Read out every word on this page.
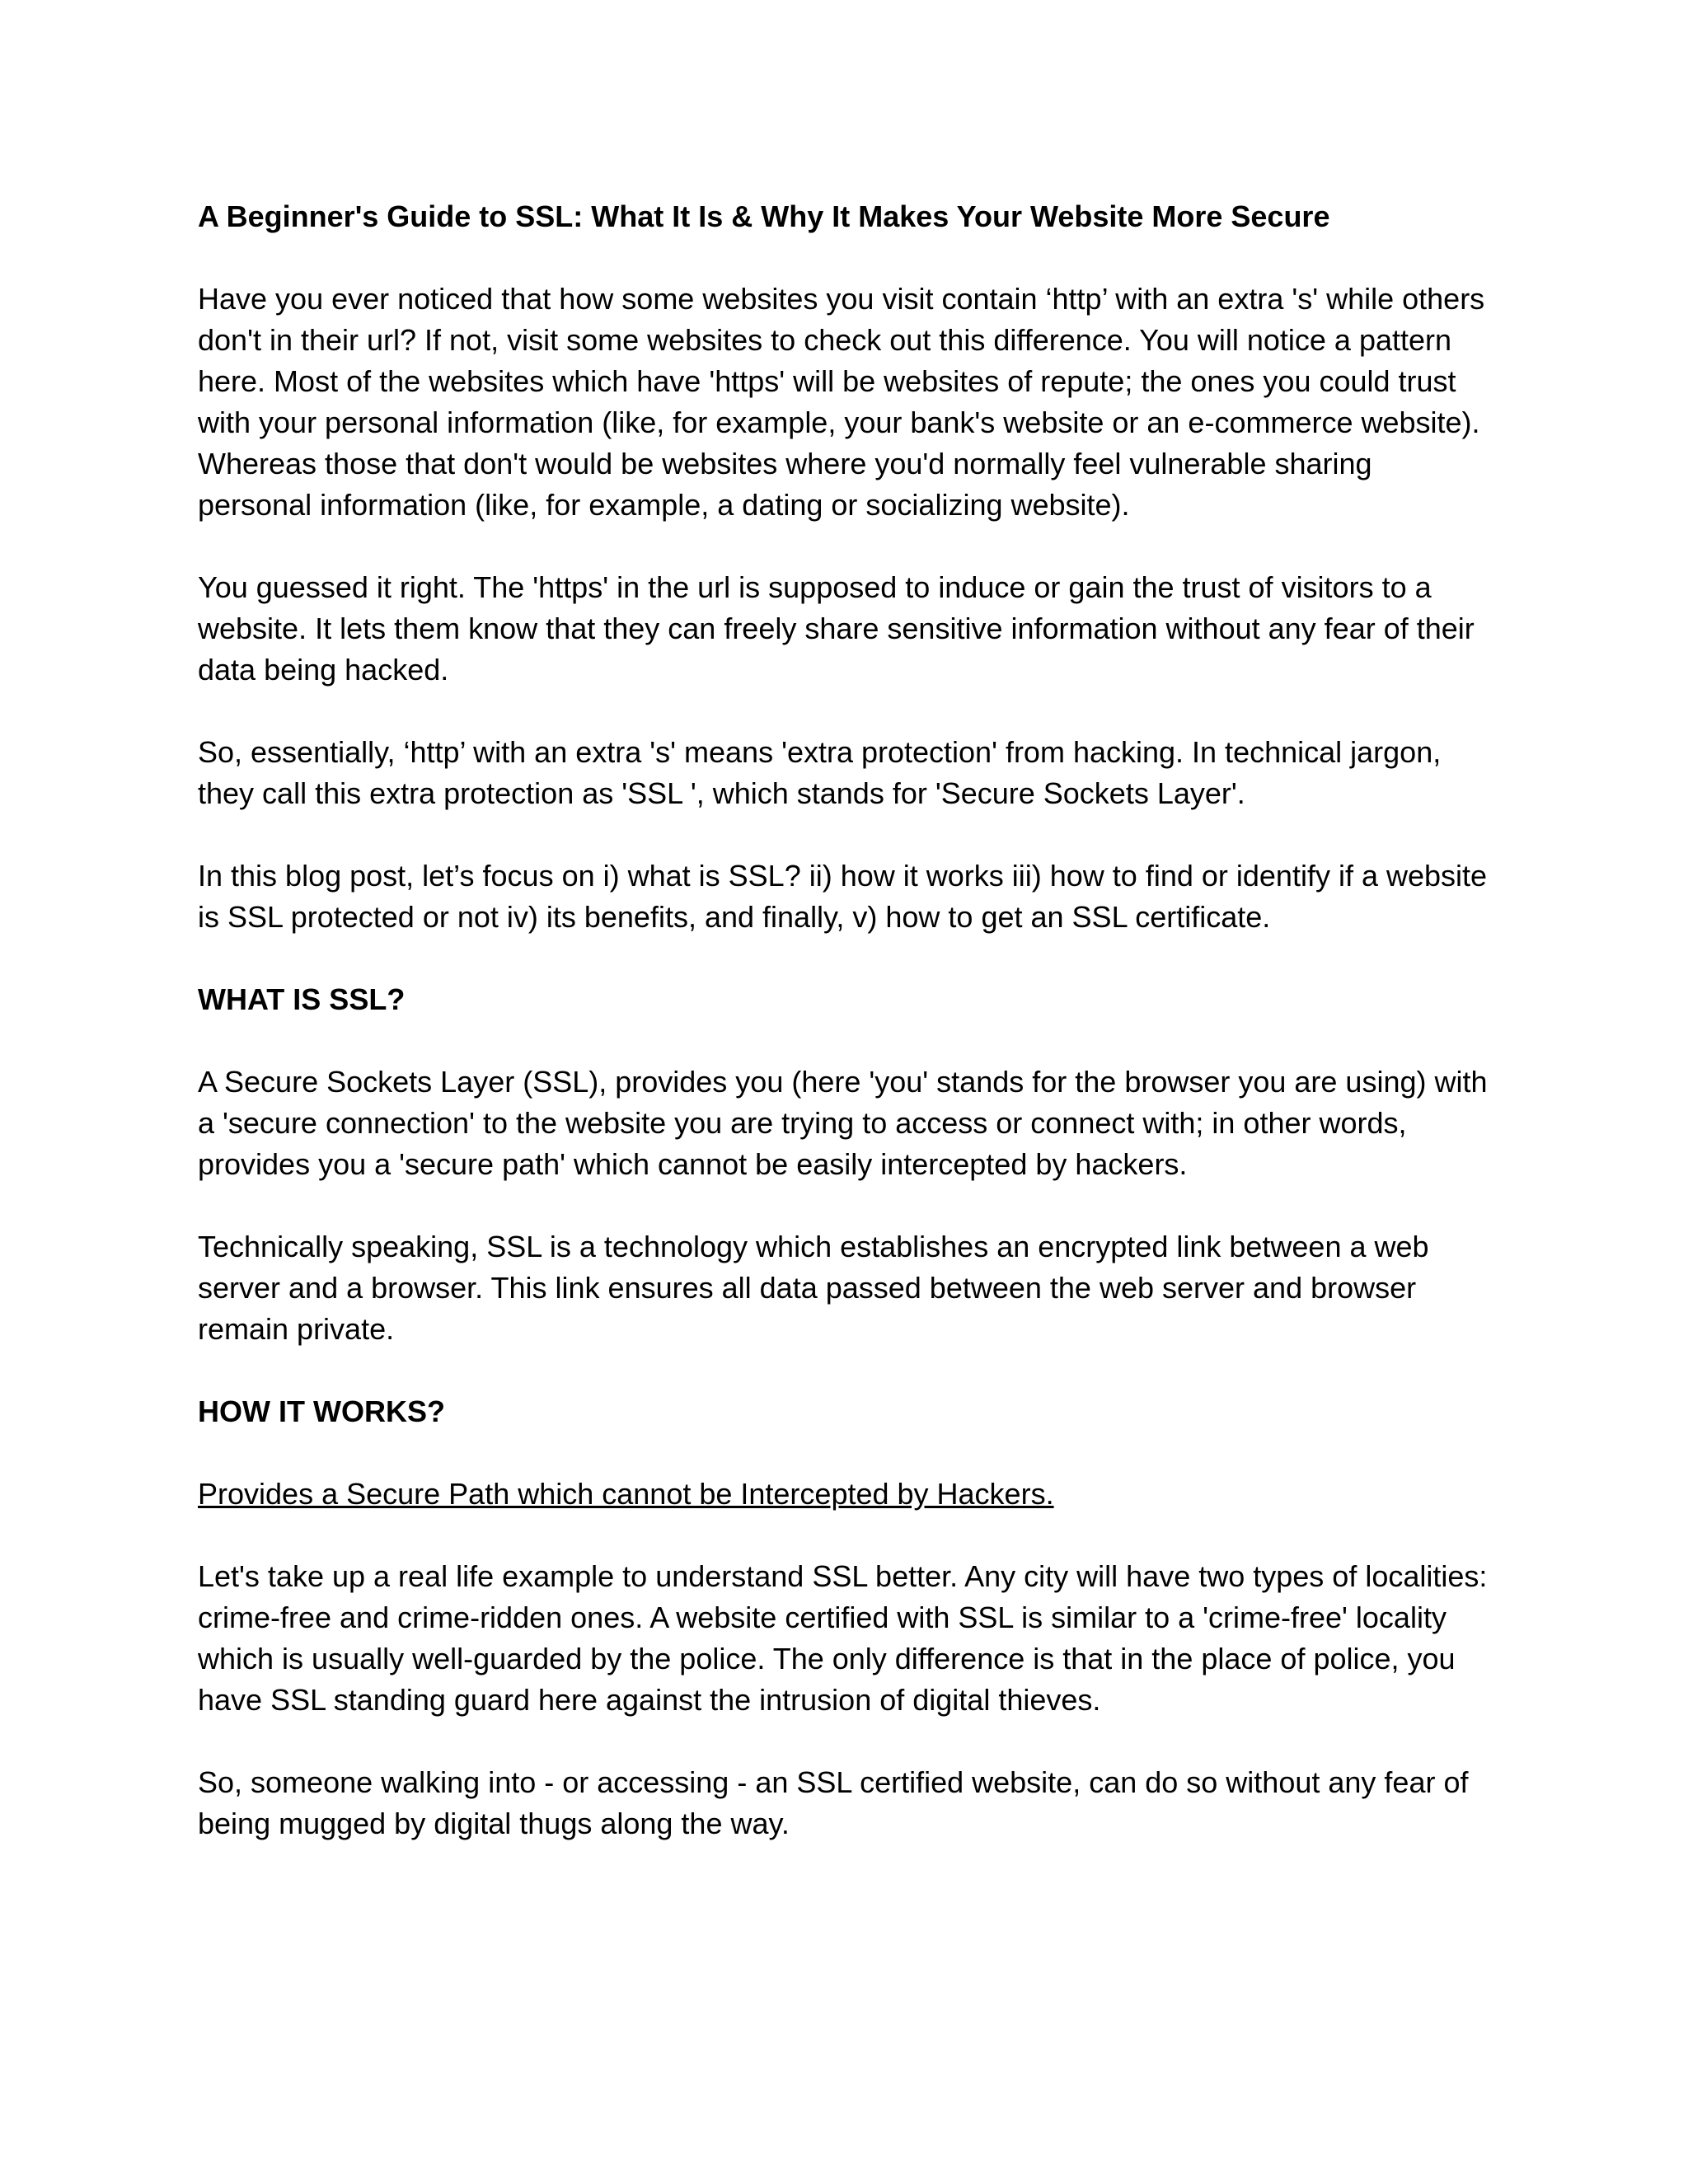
A Beginner's Guide to SSL: What It Is & Why It Makes Your Website More Secure

Have you ever noticed that how some websites you visit contain ‘http’ with an extra 's' while others don't in their url? If not, visit some websites to check out this difference. You will notice a pattern here. Most of the websites which have 'https' will be websites of repute; the ones you could trust with your personal information (like, for example, your bank's website or an e-commerce website). Whereas those that don't would be websites where you'd normally feel vulnerable sharing personal information (like, for example, a dating or socializing website).

You guessed it right. The 'https' in the url is supposed to induce or gain the trust of visitors to a website. It lets them know that they can freely share sensitive information without any fear of their data being hacked.

So, essentially, ‘http’ with an extra 's' means 'extra protection' from hacking. In technical jargon, they call this extra protection as 'SSL ', which stands for 'Secure Sockets Layer'.

In this blog post, let’s focus on i) what is SSL? ii) how it works iii) how to find or identify if a website is SSL protected or not iv) its benefits, and finally, v) how to get an SSL certificate.

WHAT IS SSL?

A Secure Sockets Layer (SSL), provides you (here 'you' stands for the browser you are using) with a 'secure connection' to the website you are trying to access or connect with; in other words, provides you a 'secure path' which cannot be easily intercepted by hackers.

Technically speaking, SSL is a technology which establishes an encrypted link between a web server and a browser. This link ensures all data passed between the web server and browser remain private.

HOW IT WORKS?

Provides a Secure Path which cannot be Intercepted by Hackers.

Let's take up a real life example to understand SSL better. Any city will have two types of localities: crime-free and crime-ridden ones. A website certified with SSL is similar to a 'crime-free' locality which is usually well-guarded by the police. The only difference is that in the place of police, you have SSL standing guard here against the intrusion of digital thieves.

So, someone walking into - or accessing - an SSL certified website, can do so without any fear of being mugged by digital thugs along the way.
